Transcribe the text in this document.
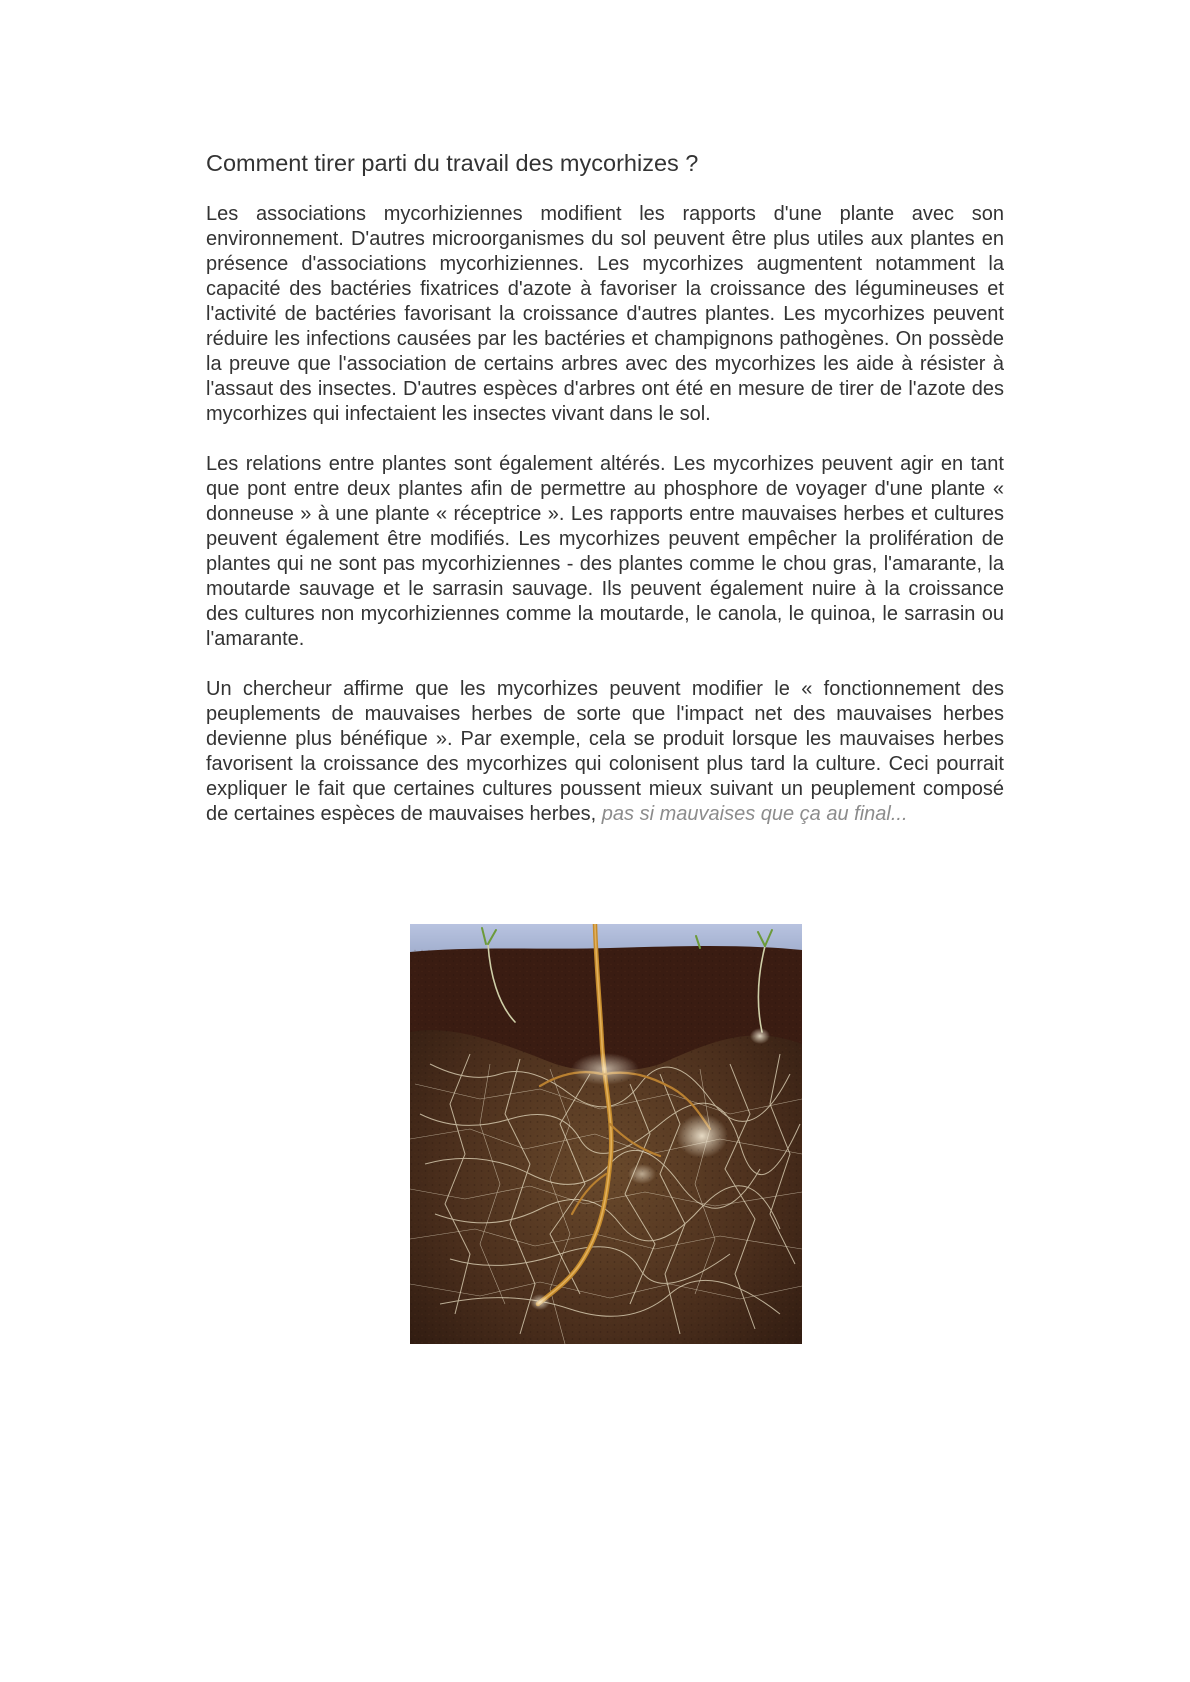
Comment tirer parti du travail des mycorhizes ?

Les associations mycorhiziennes modifient les rapports d'une plante avec son environnement. D'autres microorganismes du sol peuvent être plus utiles aux plantes en présence d'associations mycorhiziennes. Les mycorhizes augmentent notamment la capacité des bactéries fixatrices d'azote à favoriser la croissance des légumineuses et l'activité de bactéries favorisant la croissance d'autres plantes. Les mycorhizes peuvent réduire les infections causées par les bactéries et champignons pathogènes. On possède la preuve que l'association de certains arbres avec des mycorhizes les aide à résister à l'assaut des insectes. D'autres espèces d'arbres ont été en mesure de tirer de l'azote des mycorhizes qui infectaient les insectes vivant dans le sol.

Les relations entre plantes sont également altérés. Les mycorhizes peuvent agir en tant que pont entre deux plantes afin de permettre au phosphore de voyager d'une plante « donneuse » à une plante « réceptrice ». Les rapports entre mauvaises herbes et cultures peuvent également être modifiés. Les mycorhizes peuvent empêcher la prolifération de plantes qui ne sont pas mycorhiziennes - des plantes comme le chou gras, l'amarante, la moutarde sauvage et le sarrasin sauvage. Ils peuvent également nuire à la croissance des cultures non mycorhiziennes comme la moutarde, le canola, le quinoa, le sarrasin ou l'amarante.

Un chercheur affirme que les mycorhizes peuvent modifier le « fonctionnement des peuplements de mauvaises herbes de sorte que l'impact net des mauvaises herbes devienne plus bénéfique ». Par exemple, cela se produit lorsque les mauvaises herbes favorisent la croissance des mycorhizes qui colonisent plus tard la culture. Ceci pourrait expliquer le fait que certaines cultures poussent mieux suivant un peuplement composé de certaines espèces de mauvaises herbes, pas si mauvaises que ça au final...
